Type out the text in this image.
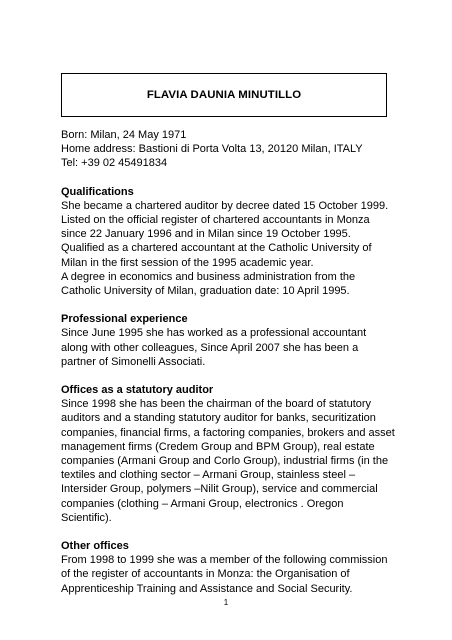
FLAVIA DAUNIA MINUTILLO

Born: Milan, 24 May 1971

Home address: Bastioni di Porta Volta 13, 20120 Milan, ITALY

Tel: +39 02 45491834

Qualifications

She became a chartered auditor by decree dated 15 October 1999.

Listed on the official register of chartered accountants in Monza

since 22 January 1996 and in Milan since 19 October 1995.

Qualified as a chartered accountant at the Catholic University of

Milan in the first session of the 1995 academic year.

A degree in economics and business administration from the

Catholic University of Milan, graduation date: 10 April 1995.

Professional experience

Since June 1995 she has worked as a professional accountant

along with other colleagues, Since April 2007 she has been a

partner of Simonelli Associati.

Offices as a statutory auditor

Since 1998 she has been the chairman of the board of statutory

auditors and a standing statutory auditor for banks, securitization

companies, financial firms, a factoring companies, brokers and asset

management firms (Credem Group and BPM Group), real estate

companies (Armani Group and Corlo Group), industrial firms (in the

textiles and clothing sector – Armani Group, stainless steel –

Intersider Group, polymers –Nilit Group), service and commercial

companies (clothing – Armani Group, electronics . Oregon

Scientific).

Other offices

From 1998 to 1999 she was a member of the following commission

of the register of accountants in Monza: the Organisation of

Apprenticeship Training and Assistance and Social Security.

1
